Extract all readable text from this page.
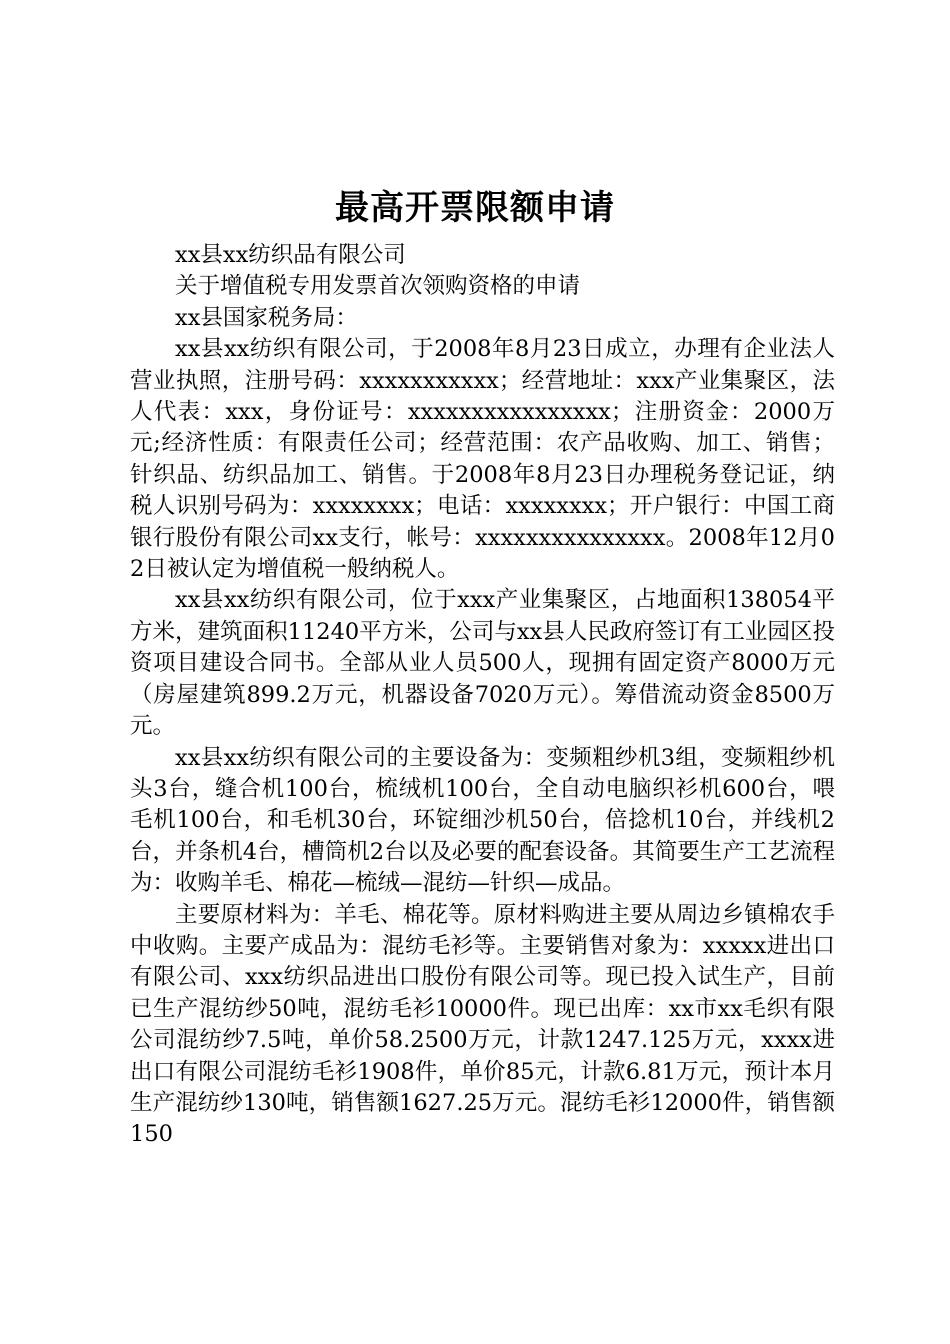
最高开票限额申请

xx县xx纺织品有限公司

关于增值税专用发票首次领购资格的申请

xx县国家税务局：

xx县xx纺织有限公司，于2008年8月23日成立，办理有企业法人营业执照，注册号码：xxxxxxxxxxx；经营地址：xxx产业集聚区，法人代表：xxx，身份证号：xxxxxxxxxxxxxxxx；注册资金：2000万元;经济性质：有限责任公司；经营范围：农产品收购、加工、销售；针织品、纺织品加工、销售。于2008年8月23日办理税务登记证，纳税人识别号码为：xxxxxxxx；电话：xxxxxxxx；开户银行：中国工商银行股份有限公司xx支行，帐号：xxxxxxxxxxxxxxx。2008年12月02日被认定为增值税一般纳税人。

xx县xx纺织有限公司，位于xxx产业集聚区，占地面积138054平方米，建筑面积11240平方米，公司与xx县人民政府签订有工业园区投资项目建设合同书。全部从业人员500人，现拥有固定资产8000万元（房屋建筑899.2万元，机器设备7020万元）。筹借流动资金8500万元。

xx县xx纺织有限公司的主要设备为：变频粗纱机3组，变频粗纱机头3台，缝合机100台，梳绒机100台，全自动电脑织衫机600台，喂毛机100台，和毛机30台，环锭细沙机50台，倍捻机10台，并线机2台，并条机4台，槽筒机2台以及必要的配套设备。其简要生产工艺流程为：收购羊毛、棉花—梳绒—混纺—针织—成品。

主要原材料为：羊毛、棉花等。原材料购进主要从周边乡镇棉农手中收购。主要产成品为：混纺毛衫等。主要销售对象为：xxxxx进出口有限公司、xxx纺织品进出口股份有限公司等。现已投入试生产，目前已生产混纺纱50吨，混纺毛衫10000件。现已出库：xx市xx毛织有限公司混纺纱7.5吨，单价58.2500万元，计款1247.125万元，xxxx进出口有限公司混纺毛衫1908件，单价85元，计款6.81万元，预计本月生产混纺纱130吨，销售额1627.25万元。混纺毛衫12000件，销售额150
